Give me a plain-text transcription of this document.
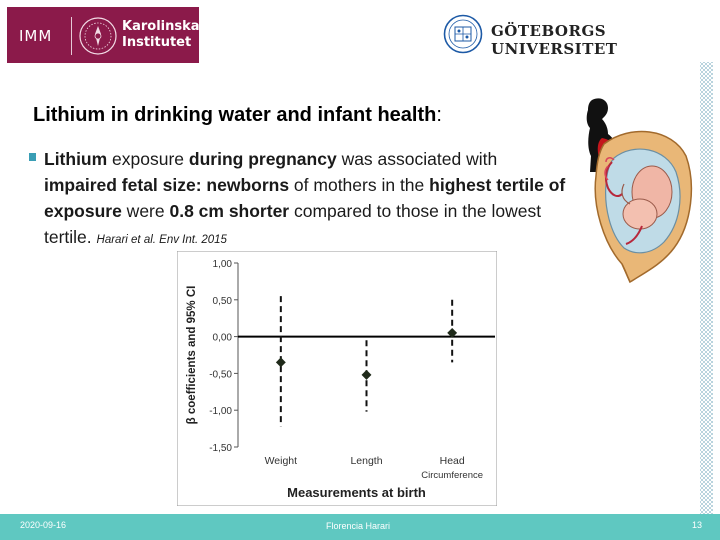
IMM
Karolinska
Institutet
GÖTEBORGS UNIVERSITET
Lithium in drinking water and infant health:
Lithium exposure during pregnancy was associated with impaired fetal size: newborns of mothers in the highest tertile of exposure were 0.8 cm shorter compared to those in the lowest tertile. Harari et al. Env Int. 2015
1,00
0,50
0,00
-0,50
-1,00
-1,50
Weight	Length	Head
Circumference
Measurements at birth
β coefficients and 95% CI
2020-09-16	Florencia Harari	13
